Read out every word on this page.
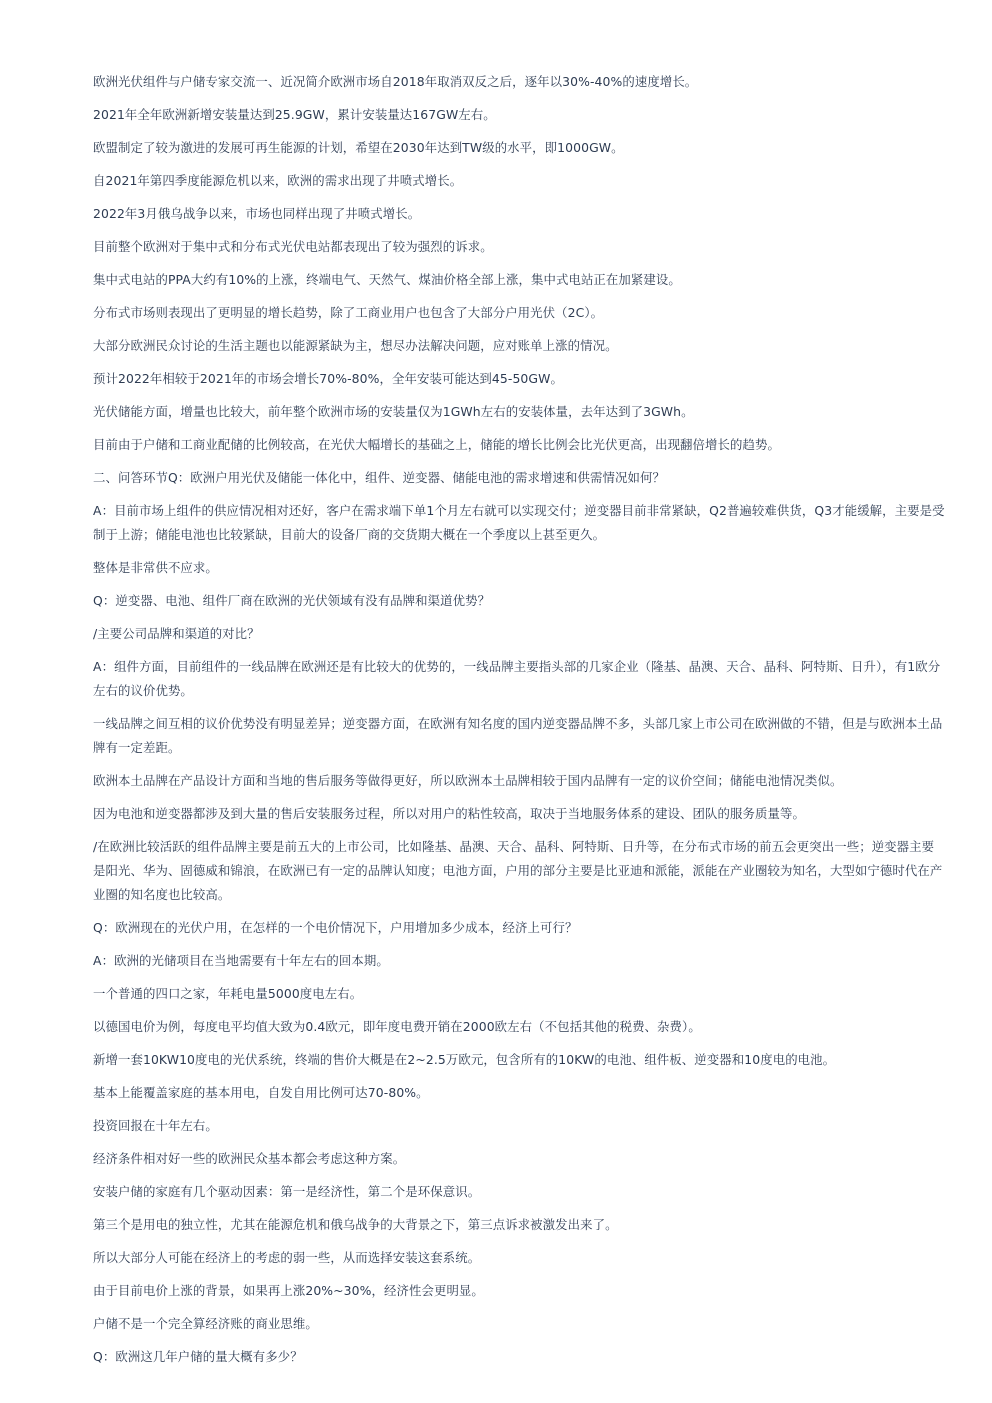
欧洲光伏组件与户储专家交流一、近况简介欧洲市场自2018年取消双反之后，逐年以30%-40%的速度增长。

2021年全年欧洲新增安装量达到25.9GW，累计安装量达167GW左右。

欧盟制定了较为激进的发展可再生能源的计划，希望在2030年达到TW级的水平，即1000GW。

自2021年第四季度能源危机以来，欧洲的需求出现了井喷式增长。

2022年3月俄乌战争以来，市场也同样出现了井喷式增长。

目前整个欧洲对于集中式和分布式光伏电站都表现出了较为强烈的诉求。

集中式电站的PPA大约有10%的上涨，终端电气、天然气、煤油价格全部上涨，集中式电站正在加紧建设。

分布式市场则表现出了更明显的增长趋势，除了工商业用户也包含了大部分户用光伏（2C）。

大部分欧洲民众讨论的生活主题也以能源紧缺为主，想尽办法解决问题，应对账单上涨的情况。

预计2022年相较于2021年的市场会增长70%-80%，全年安装可能达到45-50GW。

光伏储能方面，增量也比较大，前年整个欧洲市场的安装量仅为1GWh左右的安装体量，去年达到了3GWh。

目前由于户储和工商业配储的比例较高，在光伏大幅增长的基础之上，储能的增长比例会比光伏更高，出现翻倍增长的趋势。

二、问答环节Q：欧洲户用光伏及储能一体化中，组件、逆变器、储能电池的需求增速和供需情况如何？

A：目前市场上组件的供应情况相对还好，客户在需求端下单1个月左右就可以实现交付；逆变器目前非常紧缺，Q2普遍较难供货，Q3才能缓解，主要是受制于上游；储能电池也比较紧缺，目前大的设备厂商的交货期大概在一个季度以上甚至更久。

整体是非常供不应求。

Q：逆变器、电池、组件厂商在欧洲的光伏领域有没有品牌和渠道优势？

/主要公司品牌和渠道的对比？

A：组件方面，目前组件的一线品牌在欧洲还是有比较大的优势的，一线品牌主要指头部的几家企业（隆基、晶澳、天合、晶科、阿特斯、日升），有1欧分左右的议价优势。

一线品牌之间互相的议价优势没有明显差异；逆变器方面，在欧洲有知名度的国内逆变器品牌不多，头部几家上市公司在欧洲做的不错，但是与欧洲本土品牌有一定差距。

欧洲本土品牌在产品设计方面和当地的售后服务等做得更好，所以欧洲本土品牌相较于国内品牌有一定的议价空间；储能电池情况类似。

因为电池和逆变器都涉及到大量的售后安装服务过程，所以对用户的粘性较高，取决于当地服务体系的建设、团队的服务质量等。

/在欧洲比较活跃的组件品牌主要是前五大的上市公司，比如隆基、晶澳、天合、晶科、阿特斯、日升等，在分布式市场的前五会更突出一些；逆变器主要是阳光、华为、固德威和锦浪，在欧洲已有一定的品牌认知度；电池方面，户用的部分主要是比亚迪和派能，派能在产业圈较为知名，大型如宁德时代在产业圈的知名度也比较高。

Q：欧洲现在的光伏户用，在怎样的一个电价情况下，户用增加多少成本，经济上可行？

A：欧洲的光储项目在当地需要有十年左右的回本期。

一个普通的四口之家，年耗电量5000度电左右。

以德国电价为例，每度电平均值大致为0.4欧元，即年度电费开销在2000欧左右（不包括其他的税费、杂费）。

新增一套10KW10度电的光伏系统，终端的售价大概是在2~2.5万欧元，包含所有的10KW的电池、组件板、逆变器和10度电的电池。

基本上能覆盖家庭的基本用电，自发自用比例可达70-80%。

投资回报在十年左右。

经济条件相对好一些的欧洲民众基本都会考虑这种方案。

安装户储的家庭有几个驱动因素：第一是经济性，第二个是环保意识。

第三个是用电的独立性，尤其在能源危机和俄乌战争的大背景之下，第三点诉求被激发出来了。

所以大部分人可能在经济上的考虑的弱一些，从而选择安装这套系统。

由于目前电价上涨的背景，如果再上涨20%~30%，经济性会更明显。

户储不是一个完全算经济账的商业思维。

Q：欧洲这几年户储的量大概有多少？
